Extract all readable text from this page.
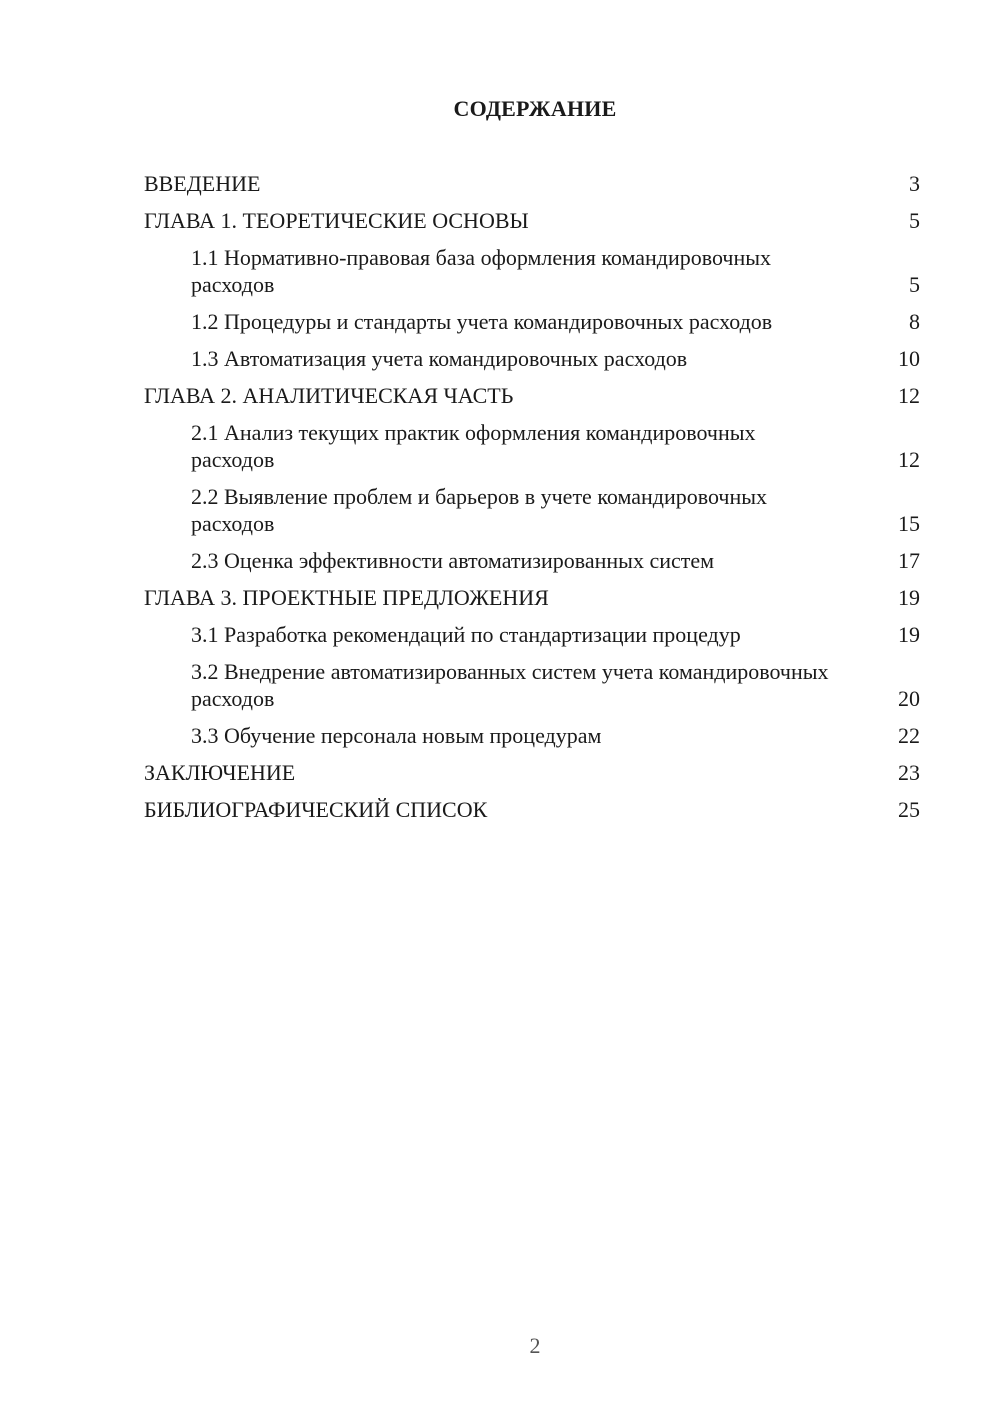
СОДЕРЖАНИЕ
ВВЕДЕНИЕ	3
ГЛАВА 1. ТЕОРЕТИЧЕСКИЕ ОСНОВЫ	5
1.1 Нормативно-правовая база оформления командировочных расходов	5
1.2 Процедуры и стандарты учета командировочных расходов	8
1.3 Автоматизация учета командировочных расходов	10
ГЛАВА 2. АНАЛИТИЧЕСКАЯ ЧАСТЬ	12
2.1 Анализ текущих практик оформления командировочных расходов	12
2.2 Выявление проблем и барьеров в учете командировочных расходов	15
2.3 Оценка эффективности автоматизированных систем	17
ГЛАВА 3. ПРОЕКТНЫЕ ПРЕДЛОЖЕНИЯ	19
3.1 Разработка рекомендаций по стандартизации процедур	19
3.2 Внедрение автоматизированных систем учета командировочных расходов	20
3.3 Обучение персонала новым процедурам	22
ЗАКЛЮЧЕНИЕ	23
БИБЛИОГРАФИЧЕСКИЙ СПИСОК	25
2
